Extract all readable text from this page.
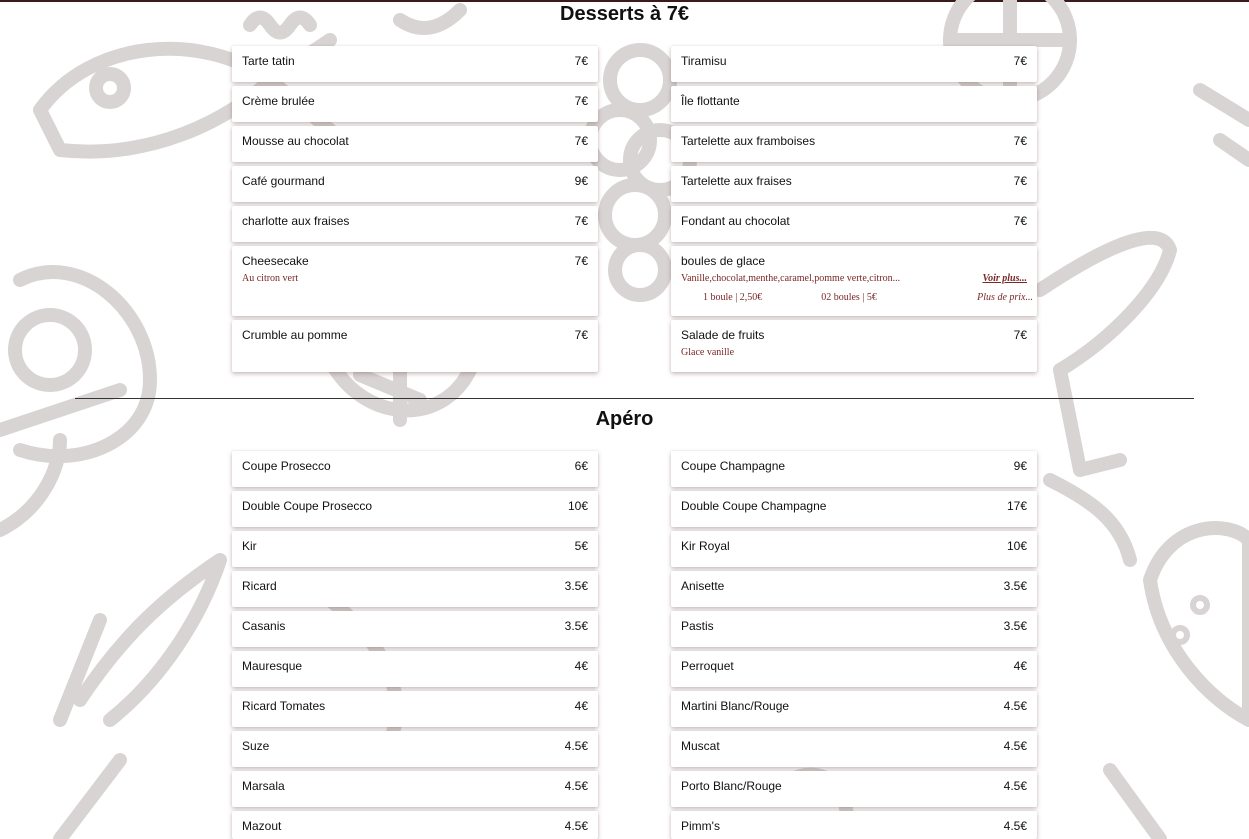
Desserts à 7€
Tarte tatin	7€
Crème brulée	7€
Mousse au chocolat	7€
Café gourmand	9€
charlotte aux fraises	7€
Cheesecake	7€
Au citron vert
Crumble au pomme	7€
Tiramisu	7€
Île flottante
Tartelette aux framboises	7€
Tartelette aux fraises	7€
Fondant au chocolat	7€
boules de glace
Vanille,chocolat,menthe,caramel,pomme verte,citron...	Voir plus...
1 boule | 2,50€	02 boules | 5€	Plus de prix...
Salade de fruits	7€
Glace vanille
Apéro
Coupe Prosecco	6€
Double Coupe Prosecco	10€
Kir	5€
Ricard	3.5€
Casanis	3.5€
Mauresque	4€
Ricard Tomates	4€
Suze	4.5€
Marsala	4.5€
Mazout	4.5€
Coupe Champagne	9€
Double Coupe Champagne	17€
Kir Royal	10€
Anisette	3.5€
Pastis	3.5€
Perroquet	4€
Martini Blanc/Rouge	4.5€
Muscat	4.5€
Porto Blanc/Rouge	4.5€
Pimm's	4.5€
